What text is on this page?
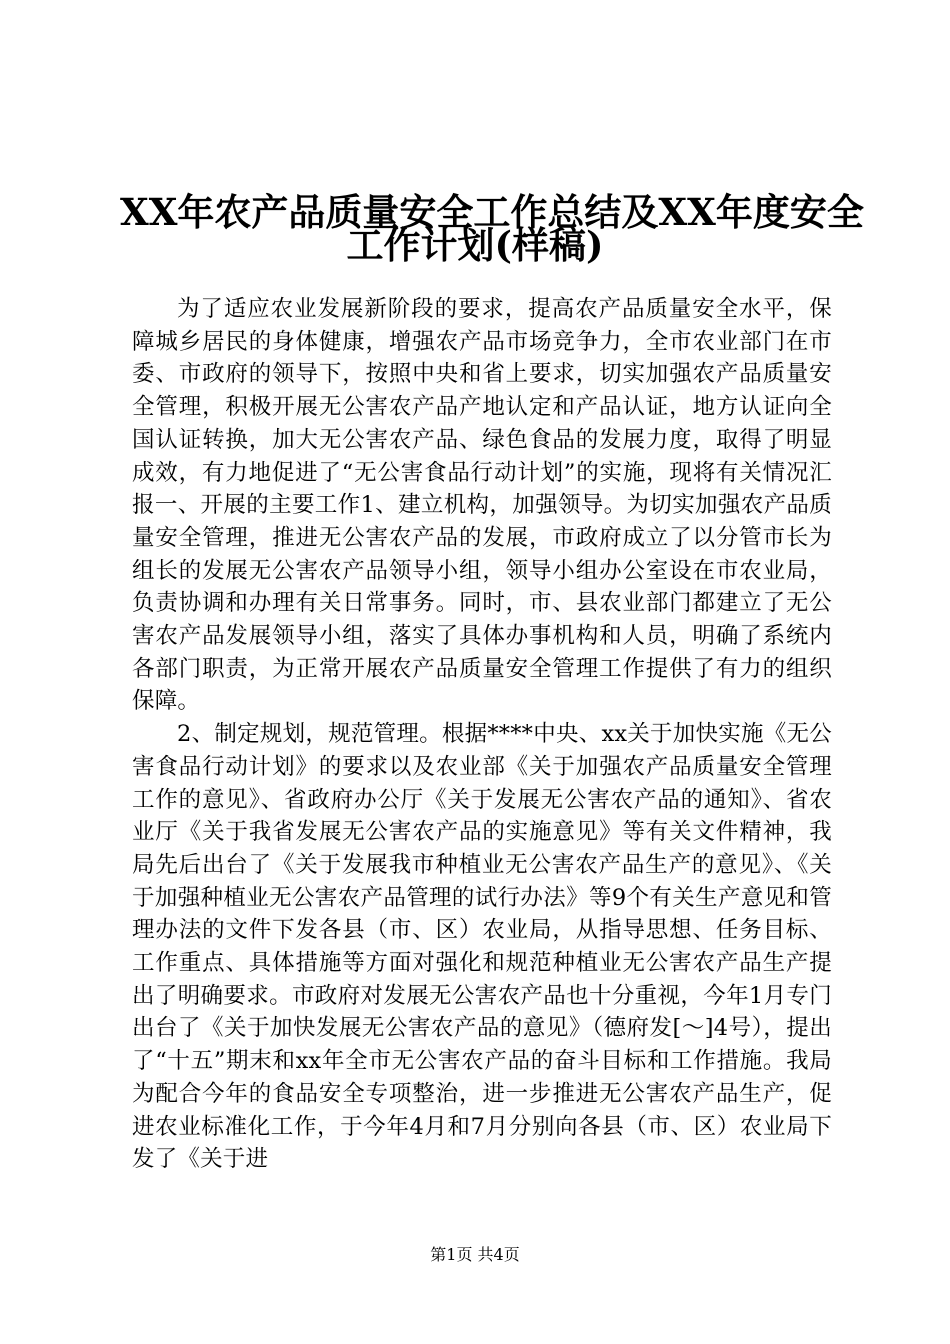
XX年农产品质量安全工作总结及XX年度安全
工作计划(样稿)

为了适应农业发展新阶段的要求，提高农产品质量安全水平，保障城乡居民的身体健康，增强农产品市场竞争力，全市农业部门在市委、市政府的领导下，按照中央和省上要求，切实加强农产品质量安全管理，积极开展无公害农产品产地认定和产品认证，地方认证向全国认证转换，加大无公害农产品、绿色食品的发展力度，取得了明显成效，有力地促进了“无公害食品行动计划”的实施，现将有关情况汇报一、开展的主要工作1、建立机构，加强领导。为切实加强农产品质量安全管理，推进无公害农产品的发展，市政府成立了以分管市长为组长的发展无公害农产品领导小组，领导小组办公室设在市农业局，负责协调和办理有关日常事务。同时，市、县农业部门都建立了无公害农产品发展领导小组，落实了具体办事机构和人员，明确了系统内各部门职责，为正常开展农产品质量安全管理工作提供了有力的组织保障。

2、制定规划，规范管理。根据****中央、xx关于加快实施《无公害食品行动计划》的要求以及农业部《关于加强农产品质量安全管理工作的意见》、省政府办公厅《关于发展无公害农产品的通知》、省农业厅《关于我省发展无公害农产品的实施意见》等有关文件精神，我局先后出台了《关于发展我市种植业无公害农产品生产的意见》、《关于加强种植业无公害农产品管理的试行办法》等9个有关生产意见和管理办法的文件下发各县（市、区）农业局，从指导思想、任务目标、工作重点、具体措施等方面对强化和规范种植业无公害农产品生产提出了明确要求。市政府对发展无公害农产品也十分重视，今年1月专门出台了《关于加快发展无公害农产品的意见》（德府发[～]4号），提出了“十五”期末和xx年全市无公害农产品的奋斗目标和工作措施。我局为配合今年的食品安全专项整治，进一步推进无公害农产品生产，促进农业标准化工作，于今年4月和7月分别向各县（市、区）农业局下发了《关于进

第1页 共4页
